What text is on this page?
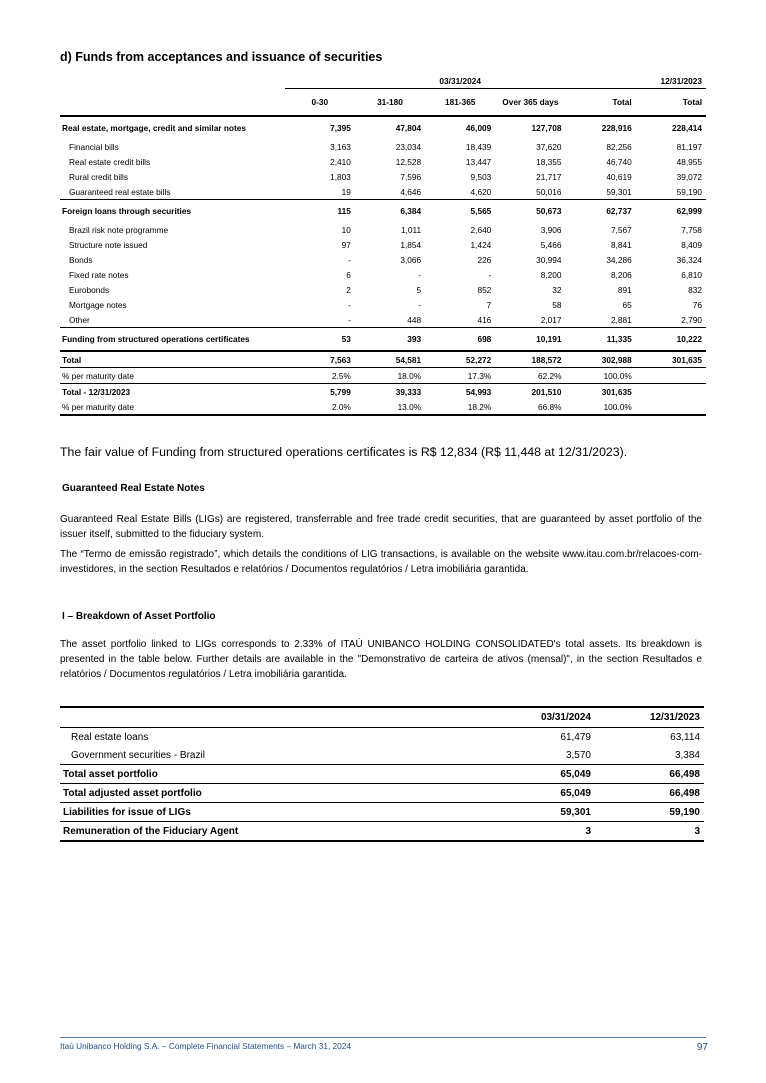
d) Funds from acceptances and issuance of securities
	03/31/2024					12/31/2023
	0-30	31-180	181-365	Over 365 days	Total	Total
Real estate, mortgage, credit and similar notes	7,395	47,804	46,009	127,708	228,916	228,414
Financial bills	3,163	23,034	18,439	37,620	82,256	81,197
Real estate credit bills	2,410	12,528	13,447	18,355	46,740	48,955
Rural credit bills	1,803	7,596	9,503	21,717	40,619	39,072
Guaranteed real estate bills	19	4,646	4,620	50,016	59,301	59,190
Foreign loans through securities	115	6,384	5,565	50,673	62,737	62,999
Brazil risk note programme	10	1,011	2,640	3,906	7,567	7,758
Structure note issued	97	1,854	1,424	5,466	8,841	8,409
Bonds	-	3,066	226	30,994	34,286	36,324
Fixed rate notes	6	-	-	8,200	8,206	6,810
Eurobonds	2	5	852	32	891	832
Mortgage notes	-	-	7	58	65	76
Other	-	448	416	2,017	2,881	2,790
Funding from structured operations certificates	53	393	698	10,191	11,335	10,222
Total	7,563	54,581	52,272	188,572	302,988	301,635
% per maturity date	2.5%	18.0%	17.3%	62.2%	100.0%	
Total - 12/31/2023	5,799	39,333	54,993	201,510	301,635	
% per maturity date	2.0%	13.0%	18.2%	66.8%	100.0%	
The fair value of Funding from structured operations certificates is R$ 12,834 (R$ 11,448 at 12/31/2023).
Guaranteed Real Estate Notes
Guaranteed Real Estate Bills (LIGs) are registered, transferrable and free trade credit securities, that are guaranteed by asset portfolio of the issuer itself, submitted to the fiduciary system.
The “Termo de emissão registrado”, which details the conditions of LIG transactions, is available on the website www.itau.com.br/relacoes-com-investidores, in the section Resultados e relatórios / Documentos regulatórios / Letra imobiliária garantida.
I – Breakdown of Asset Portfolio
The asset portfolio linked to LIGs corresponds to 2.33% of ITAÚ UNIBANCO HOLDING CONSOLIDATED's total assets. Its breakdown is presented in the table below. Further details are available in the "Demonstrativo de carteira de ativos (mensal)", in the section Resultados e relatórios / Documentos regulatórios / Letra imobiliária garantida.
	03/31/2024	12/31/2023
Real estate loans	61,479	63,114
Government securities - Brazil	3,570	3,384
Total asset portfolio	65,049	66,498
Total adjusted asset portfolio	65,049	66,498
Liabilities for issue of LIGs	59,301	59,190
Remuneration of the Fiduciary Agent	3	3
Itaú Unibanco Holding S.A. – Complete Financial Statements – March 31, 2024	97
